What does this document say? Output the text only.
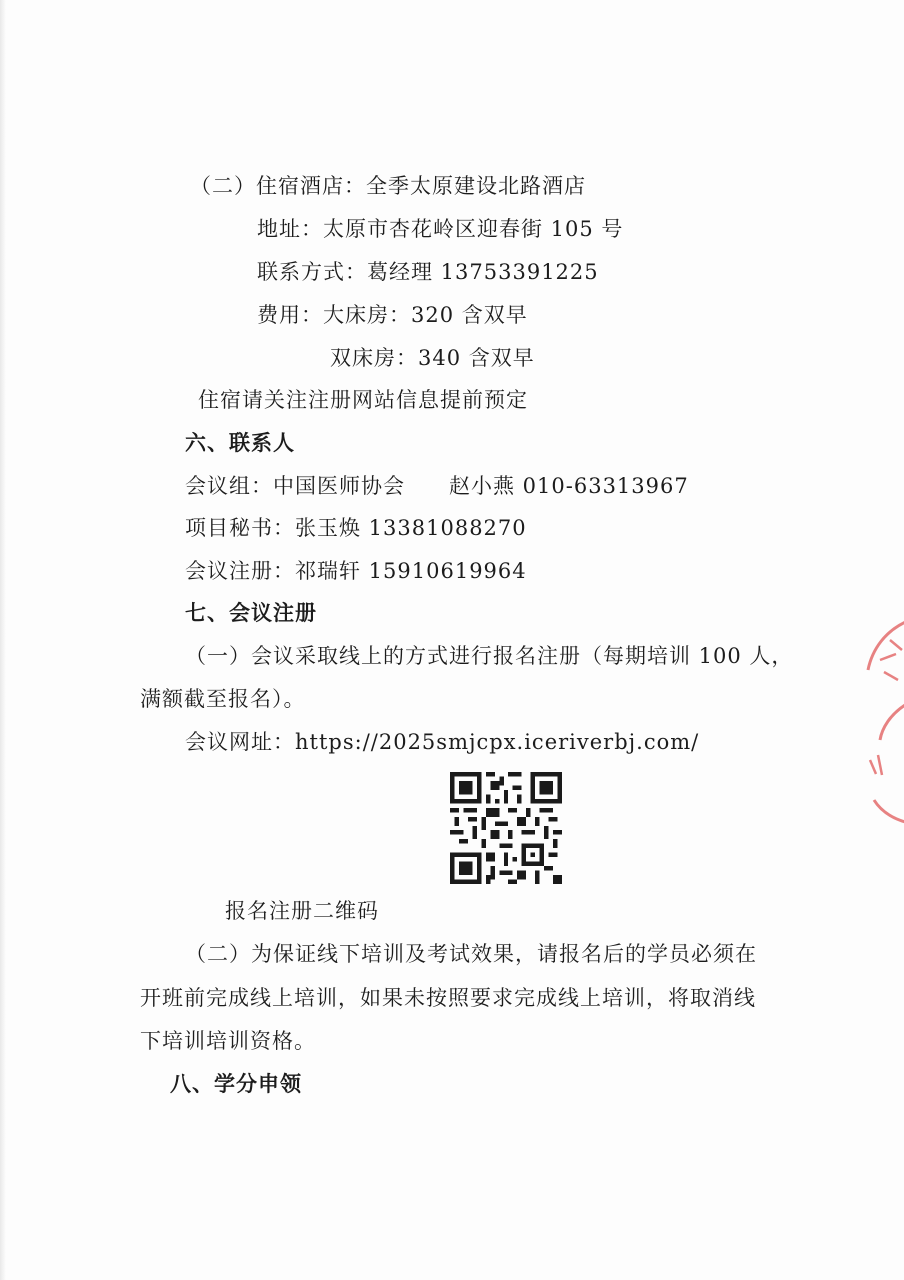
（二）住宿酒店：全季太原建设北路酒店
地址：太原市杏花岭区迎春街 105 号
联系方式：葛经理 13753391225
费用：大床房：320 含双早
双床房：340 含双早
住宿请关注注册网站信息提前预定
六、联系人
会议组：中国医师协会　　赵小燕 010-63313967
项目秘书：张玉焕 13381088270
会议注册：祁瑞轩 15910619964
七、会议注册
（一）会议采取线上的方式进行报名注册（每期培训 100 人，
满额截至报名）。
会议网址：https://2025smjcpx.iceriverbj.com/
报名注册二维码
（二）为保证线下培训及考试效果，请报名后的学员必须在
开班前完成线上培训，如果未按照要求完成线上培训，将取消线
下培训培训资格。
八、学分申领
